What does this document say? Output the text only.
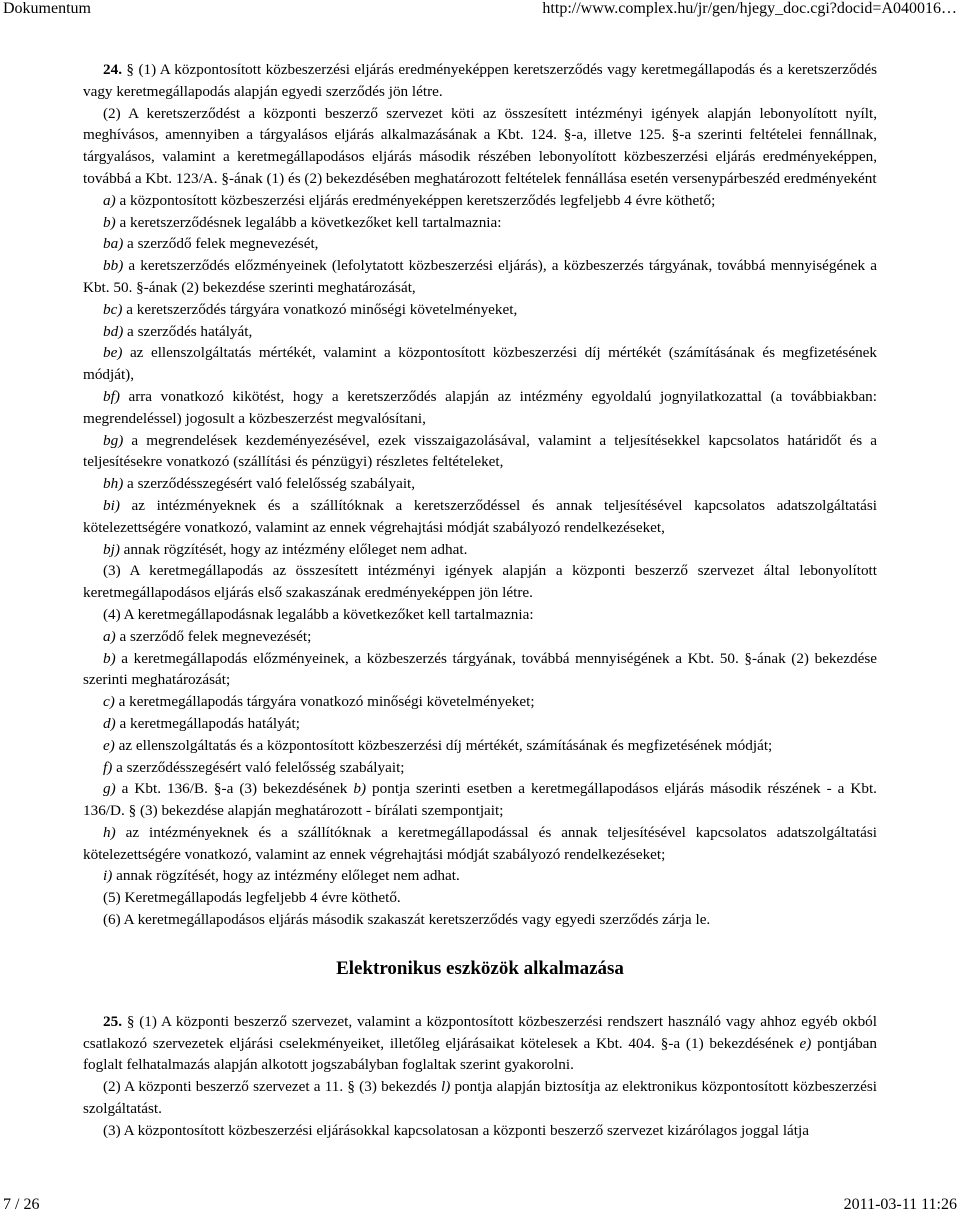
Dokumentum	http://www.complex.hu/jr/gen/hjegy_doc.cgi?docid=A040016…

24. § (1) A központosított közbeszerzési eljárás eredményeképpen keretszerződés vagy keretmegállapodás és a keretszerződés vagy keretmegállapodás alapján egyedi szerződés jön létre.

(2) A keretszerződést a központi beszerző szervezet köti az összesített intézményi igények alapján lebonyolított nyílt, meghívásos, amennyiben a tárgyalásos eljárás alkalmazásának a Kbt. 124. §-a, illetve 125. §-a szerinti feltételei fennállnak, tárgyalásos, valamint a keretmegállapodásos eljárás második részében lebonyolított közbeszerzési eljárás eredményeképpen, továbbá a Kbt. 123/A. §-ának (1) és (2) bekezdésében meghatározott feltételek fennállása esetén versenypárbeszéd eredményeként

a) a központosított közbeszerzési eljárás eredményeképpen keretszerződés legfeljebb 4 évre köthető;

b) a keretszerződésnek legalább a következőket kell tartalmaznia:

ba) a szerződő felek megnevezését,

bb) a keretszerződés előzményeinek (lefolytatott közbeszerzési eljárás), a közbeszerzés tárgyának, továbbá mennyiségének a Kbt. 50. §-ának (2) bekezdése szerinti meghatározását,

bc) a keretszerződés tárgyára vonatkozó minőségi követelményeket,

bd) a szerződés hatályát,

be) az ellenszolgáltatás mértékét, valamint a központosított közbeszerzési díj mértékét (számításának és megfizetésének módját),

bf) arra vonatkozó kikötést, hogy a keretszerződés alapján az intézmény egyoldalú jognyilatkozattal (a továbbiakban: megrendeléssel) jogosult a közbeszerzést megvalósítani,

bg) a megrendelések kezdeményezésével, ezek visszaigazolásával, valamint a teljesítésekkel kapcsolatos határidőt és a teljesítésekre vonatkozó (szállítási és pénzügyi) részletes feltételeket,

bh) a szerződésszegésért való felelősség szabályait,

bi) az intézményeknek és a szállítóknak a keretszerződéssel és annak teljesítésével kapcsolatos adatszolgáltatási kötelezettségére vonatkozó, valamint az ennek végrehajtási módját szabályozó rendelkezéseket,

bj) annak rögzítését, hogy az intézmény előleget nem adhat.

(3) A keretmegállapodás az összesített intézményi igények alapján a központi beszerző szervezet által lebonyolított keretmegállapodásos eljárás első szakaszának eredményeképpen jön létre.

(4) A keretmegállapodásnak legalább a következőket kell tartalmaznia:

a) a szerződő felek megnevezését;

b) a keretmegállapodás előzményeinek, a közbeszerzés tárgyának, továbbá mennyiségének a Kbt. 50. §-ának (2) bekezdése szerinti meghatározását;

c) a keretmegállapodás tárgyára vonatkozó minőségi követelményeket;

d) a keretmegállapodás hatályát;

e) az ellenszolgáltatás és a központosított közbeszerzési díj mértékét, számításának és megfizetésének módját;

f) a szerződésszegésért való felelősség szabályait;

g) a Kbt. 136/B. §-a (3) bekezdésének b) pontja szerinti esetben a keretmegállapodásos eljárás második részének - a Kbt. 136/D. § (3) bekezdése alapján meghatározott - bírálati szempontjait;

h) az intézményeknek és a szállítóknak a keretmegállapodással és annak teljesítésével kapcsolatos adatszolgáltatási kötelezettségére vonatkozó, valamint az ennek végrehajtási módját szabályozó rendelkezéseket;

i) annak rögzítését, hogy az intézmény előleget nem adhat.

(5) Keretmegállapodás legfeljebb 4 évre köthető.

(6) A keretmegállapodásos eljárás második szakaszát keretszerződés vagy egyedi szerződés zárja le.

Elektronikus eszközök alkalmazása

25. § (1) A központi beszerző szervezet, valamint a központosított közbeszerzési rendszert használó vagy ahhoz egyéb okból csatlakozó szervezetek eljárási cselekményeiket, illetőleg eljárásaikat kötelesek a Kbt. 404. §-a (1) bekezdésének e) pontjában foglalt felhatalmazás alapján alkotott jogszabályban foglaltak szerint gyakorolni.

(2) A központi beszerző szervezet a 11. § (3) bekezdés l) pontja alapján biztosítja az elektronikus központosított közbeszerzési szolgáltatást.

(3) A központosított közbeszerzési eljárásokkal kapcsolatosan a központi beszerző szervezet kizárólagos joggal látja

7 / 26	2011-03-11 11:26
